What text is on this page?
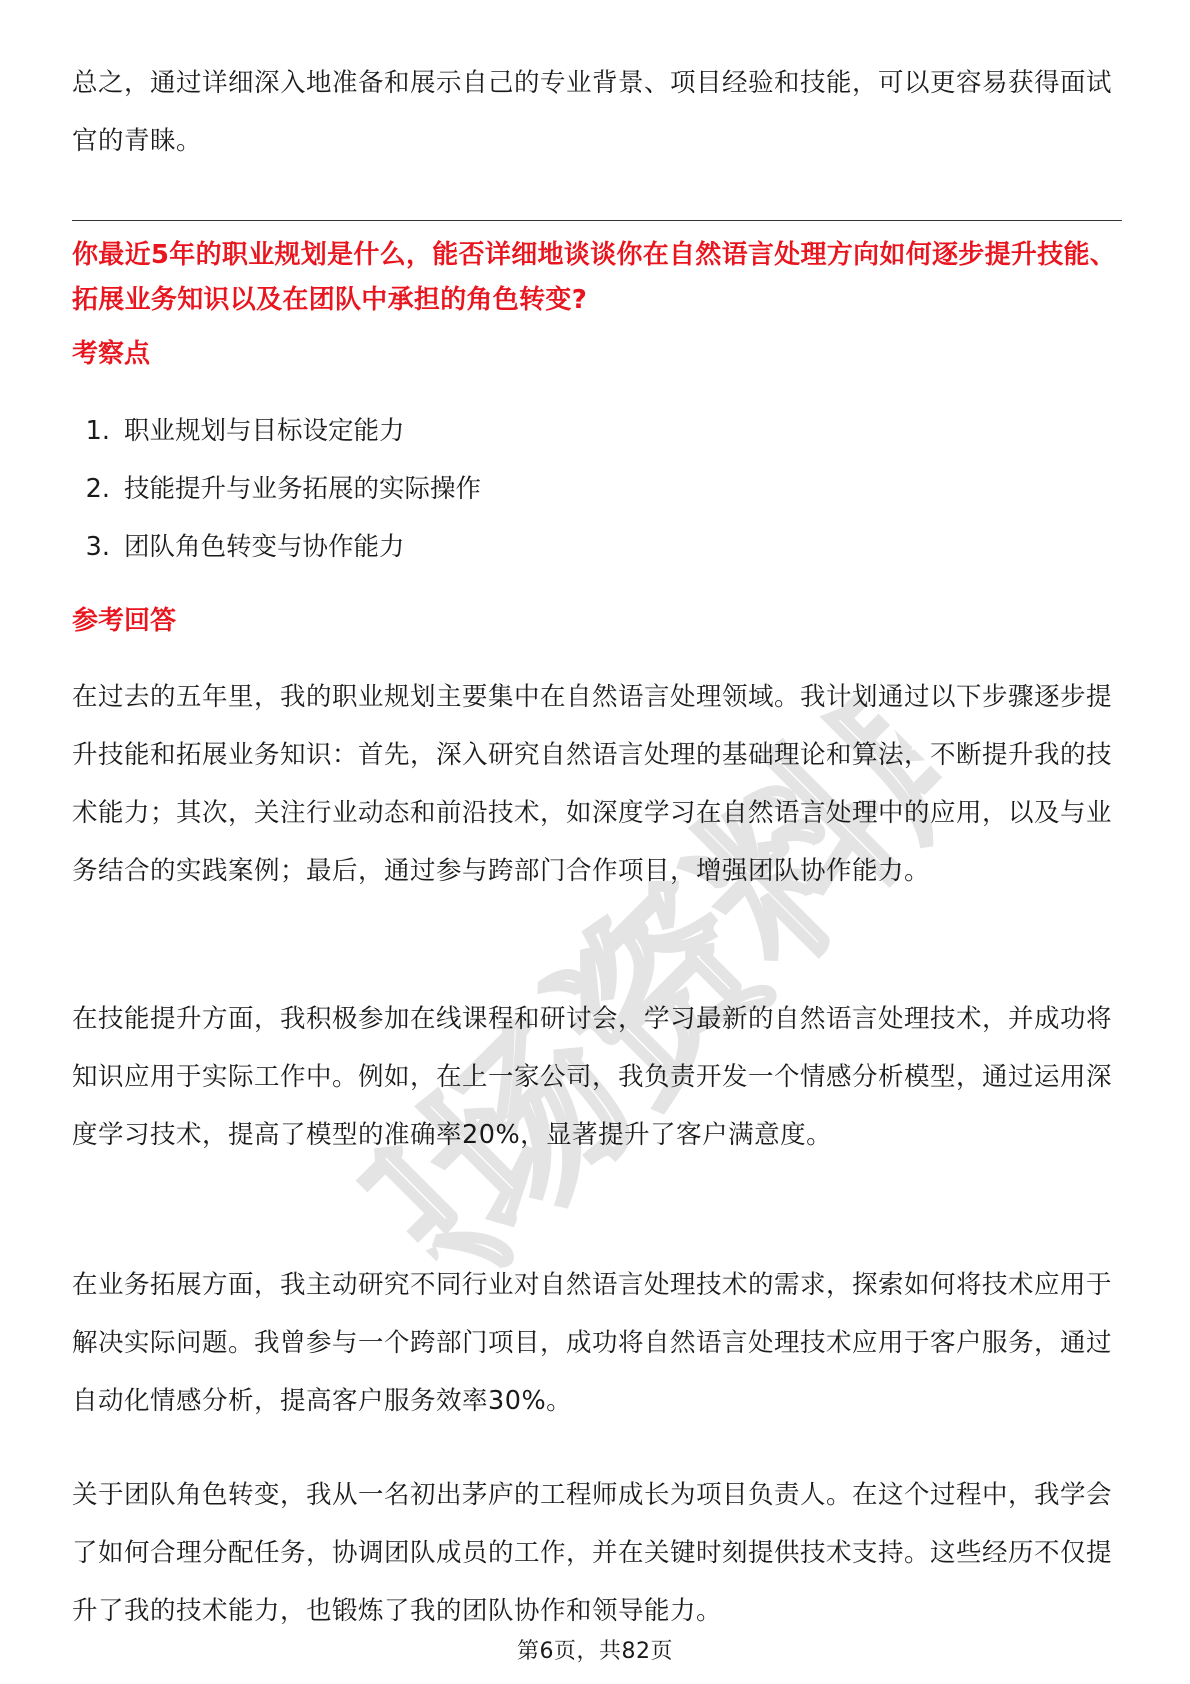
总之，通过详细深入地准备和展示自己的专业背景、项目经验和技能，可以更容易获得面试官的青睐。

你最近5年的职业规划是什么，能否详细地谈谈你在自然语言处理方向如何逐步提升技能、拓展业务知识以及在团队中承担的角色转变?

考察点
1. 职业规划与目标设定能力
2. 技能提升与业务拓展的实际操作
3. 团队角色转变与协作能力
参考回答

在过去的五年里，我的职业规划主要集中在自然语言处理领域。我计划通过以下步骤逐步提升技能和拓展业务知识：首先，深入研究自然语言处理的基础理论和算法，不断提升我的技术能力；其次，关注行业动态和前沿技术，如深度学习在自然语言处理中的应用，以及与业务结合的实践案例；最后，通过参与跨部门合作项目，增强团队协作能力。

在技能提升方面，我积极参加在线课程和研讨会，学习最新的自然语言处理技术，并成功将知识应用于实际工作中。例如，在上一家公司，我负责开发一个情感分析模型，通过运用深度学习技术，提高了模型的准确率20%，显著提升了客户满意度。

在业务拓展方面，我主动研究不同行业对自然语言处理技术的需求，探索如何将技术应用于解决实际问题。我曾参与一个跨部门项目，成功将自然语言处理技术应用于客户服务，通过自动化情感分析，提高客户服务效率30%。

关于团队角色转变，我从一名初出茅庐的工程师成长为项目负责人。在这个过程中，我学会了如何合理分配任务，协调团队成员的工作，并在关键时刻提供技术支持。这些经历不仅提升了我的技术能力，也锻炼了我的团队协作和领导能力。

职场资料库
第6页，共82页
